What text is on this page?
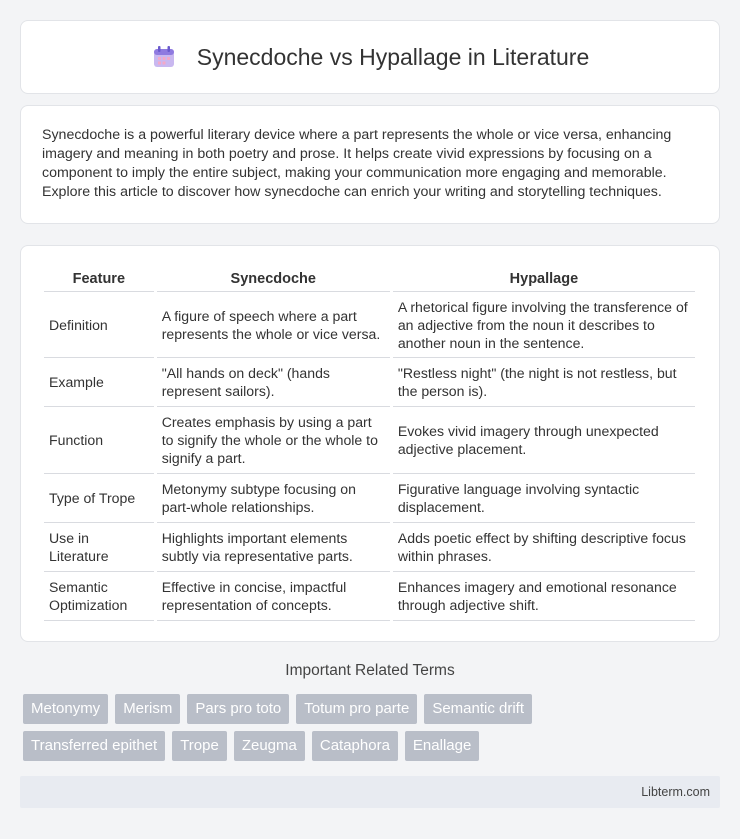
Synecdoche vs Hypallage in Literature

Synecdoche is a powerful literary device where a part represents the whole or vice versa, enhancing imagery and meaning in both poetry and prose. It helps create vivid expressions by focusing on a component to imply the entire subject, making your communication more engaging and memorable. Explore this article to discover how synecdoche can enrich your writing and storytelling techniques.

Feature	Synecdoche	Hypallage
Definition	A figure of speech where a part represents the whole or vice versa.	A rhetorical figure involving the transference of an adjective from the noun it describes to another noun in the sentence.
Example	"All hands on deck" (hands represent sailors).	"Restless night" (the night is not restless, but the person is).
Function	Creates emphasis by using a part to signify the whole or the whole to signify a part.	Evokes vivid imagery through unexpected adjective placement.
Type of Trope	Metonymy subtype focusing on part-whole relationships.	Figurative language involving syntactic displacement.
Use in Literature	Highlights important elements subtly via representative parts.	Adds poetic effect by shifting descriptive focus within phrases.
Semantic Optimization	Effective in concise, impactful representation of concepts.	Enhances imagery and emotional resonance through adjective shift.
Important Related Terms
Metonymy	Merism	Pars pro toto	Totum pro parte	Semantic drift
Transferred epithet	Trope	Zeugma	Cataphora	Enallage
Libterm.com
